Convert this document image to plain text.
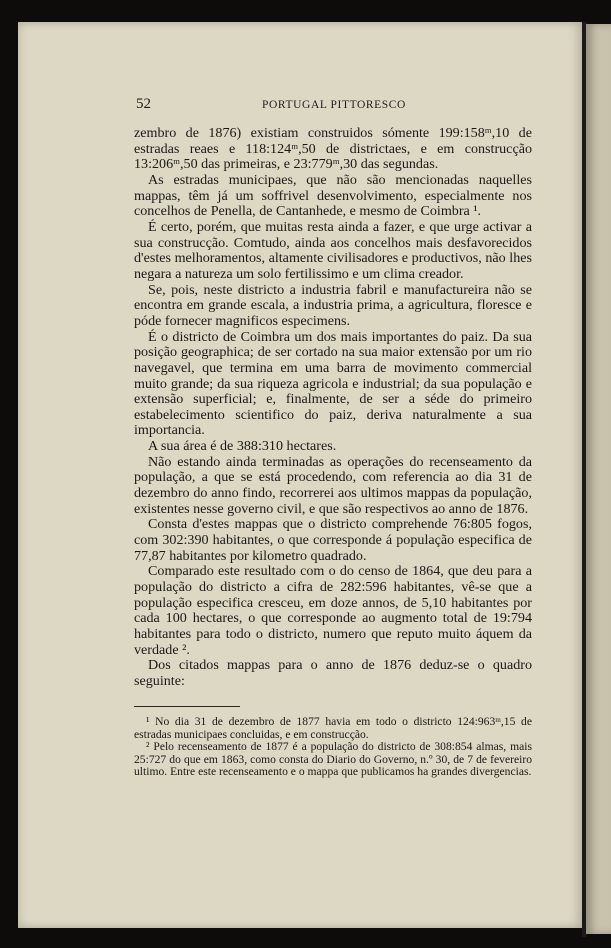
52	PORTUGAL PITTORESCO

zembro de 1876) existiam construidos sómente 199:158ᵐ,10 de estradas reaes e 118:124ᵐ,50 de districtaes, e em construcção 13:206ᵐ,50 das primeiras, e 23:779ᵐ,30 das segundas.

As estradas municipaes, que não são mencionadas naquelles mappas, têm já um soffrivel desenvolvimento, especialmente nos concelhos de Penella, de Cantanhede, e mesmo de Coimbra ¹.

É certo, porém, que muitas resta ainda a fazer, e que urge activar a sua construcção. Comtudo, ainda aos concelhos mais desfavorecidos d'estes melhoramentos, altamente civilisadores e productivos, não lhes negara a natureza um solo fertilissimo e um clima creador.

Se, pois, neste districto a industria fabril e manufactureira não se encontra em grande escala, a industria prima, a agricultura, floresce e póde fornecer magnificos especimens.

É o districto de Coimbra um dos mais importantes do paiz. Da sua posição geographica; de ser cortado na sua maior extensão por um rio navegavel, que termina em uma barra de movimento commercial muito grande; da sua riqueza agricola e industrial; da sua população e extensão superficial; e, finalmente, de ser a séde do primeiro estabelecimento scientifico do paiz, deriva naturalmente a sua importancia.

A sua área é de 388:310 hectares.

Não estando ainda terminadas as operações do recenseamento da população, a que se está procedendo, com referencia ao dia 31 de dezembro do anno findo, recorrerei aos ultimos mappas da população, existentes nesse governo civil, e que são respectivos ao anno de 1876.

Consta d'estes mappas que o districto comprehende 76:805 fogos, com 302:390 habitantes, o que corresponde á população especifica de 77,87 habitantes por kilometro quadrado.

Comparado este resultado com o do censo de 1864, que deu para a população do districto a cifra de 282:596 habitantes, vê-se que a população especifica cresceu, em doze annos, de 5,10 habitantes por cada 100 hectares, o que corresponde ao augmento total de 19:794 habitantes para todo o districto, numero que reputo muito áquem da verdade ².

Dos citados mappas para o anno de 1876 deduz-se o quadro seguinte:

¹ No dia 31 de dezembro de 1877 havia em todo o districto 124:963ᵐ,15 de estradas municipaes concluidas, e em construcção.

² Pelo recenseamento de 1877 é a população do districto de 308:854 almas, mais 25:727 do que em 1863, como consta do Diario do Governo, n.º 30, de 7 de fevereiro ultimo. Entre este recenseamento e o mappa que publicamos ha grandes divergencias.
